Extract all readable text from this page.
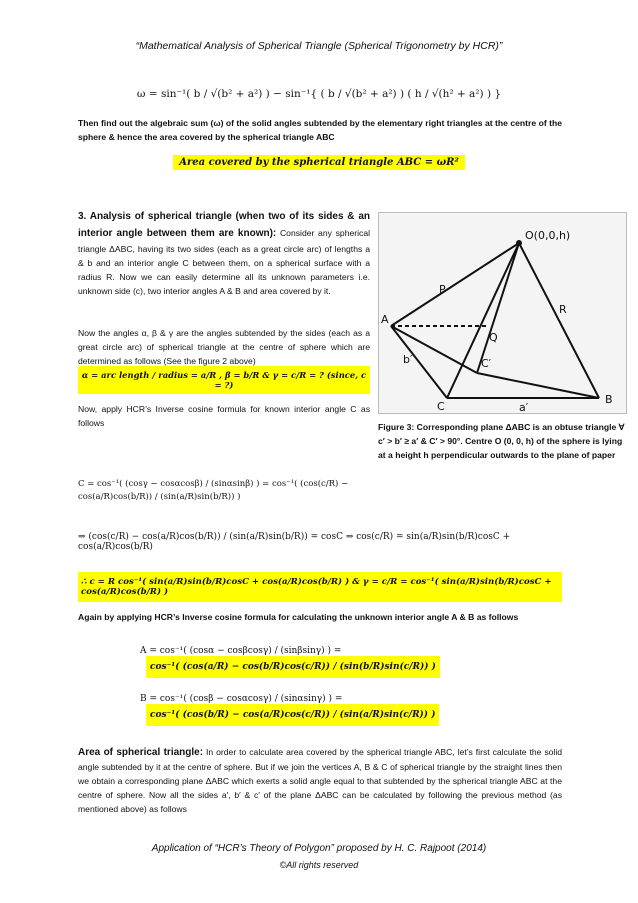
“Mathematical Analysis of Spherical Triangle (Spherical Trigonometry by HCR)”
ω = sin⁻¹( b / √(b² + a²) ) − sin⁻¹{ ( b / √(b² + a²) ) ( h / √(h² + a²) ) }
Then find out the algebraic sum (ω) of the solid angles subtended by the elementary right triangles at the centre of the sphere & hence the area covered by the spherical triangle ABC
Area covered by the spherical triangle ABC = ωR²
3. Analysis of spherical triangle (when two of its sides & an interior angle between them are known): Consider any spherical triangle ΔABC, having its two sides (each as a great circle arc) of lengths a & b and an interior angle C between them, on a spherical surface with a radius R. Now we can easily determine all its unknown parameters i.e. unknown side (c), two interior angles A & B and area covered by it.
Now the angles α, β & γ are the angles subtended by the sides (each as a great circle arc) of spherical triangle at the centre of sphere which are determined as follows (See the figure 2 above)
α = arc length / radius = a/R , β = b/R & γ = c/R = ? (since, c = ?)
Now, apply HCR’s Inverse cosine formula for known interior angle C as follows
O(0,0,h)
A
B
C
C′
b′
a′
R
P
Q
Figure 3: Corresponding plane ΔABC is an obtuse triangle ∀ c′ > b′ ≥ a′ & C′ > 90°. Centre O (0, 0, h) of the sphere is lying at a height h perpendicular outwards to the plane of paper
C = cos⁻¹( (cosγ − cosαcosβ) / (sinαsinβ) ) = cos⁻¹( (cos(c/R) − cos(a/R)cos(b/R)) / (sin(a/R)sin(b/R)) )
⇒ (cos(c/R) − cos(a/R)cos(b/R)) / (sin(a/R)sin(b/R)) = cosC ⇒ cos(c/R) = sin(a/R)sin(b/R)cosC + cos(a/R)cos(b/R)
∴ c = R cos⁻¹( sin(a/R)sin(b/R)cosC + cos(a/R)cos(b/R) ) & γ = c/R = cos⁻¹( sin(a/R)sin(b/R)cosC + cos(a/R)cos(b/R) )
Again by applying HCR’s Inverse cosine formula for calculating the unknown interior angle A & B as follows
A = cos⁻¹( (cosα − cosβcosγ) / (sinβsinγ) ) = cos⁻¹( (cos(a/R) − cos(b/R)cos(c/R)) / (sin(b/R)sin(c/R)) )
B = cos⁻¹( (cosβ − cosαcosγ) / (sinαsinγ) ) = cos⁻¹( (cos(b/R) − cos(a/R)cos(c/R)) / (sin(a/R)sin(c/R)) )
Area of spherical triangle: In order to calculate area covered by the spherical triangle ABC, let’s first calculate the solid angle subtended by it at the centre of sphere. But if we join the vertices A, B & C of spherical triangle by the straight lines then we obtain a corresponding plane ΔABC which exerts a solid angle equal to that subtended by the spherical triangle ABC at the centre of sphere. Now all the sides a′, b′ & c′ of the plane ΔABC can be calculated by following the previous method (as mentioned above) as follows
Application of “HCR’s Theory of Polygon” proposed by H. C. Rajpoot (2014)
©All rights reserved
